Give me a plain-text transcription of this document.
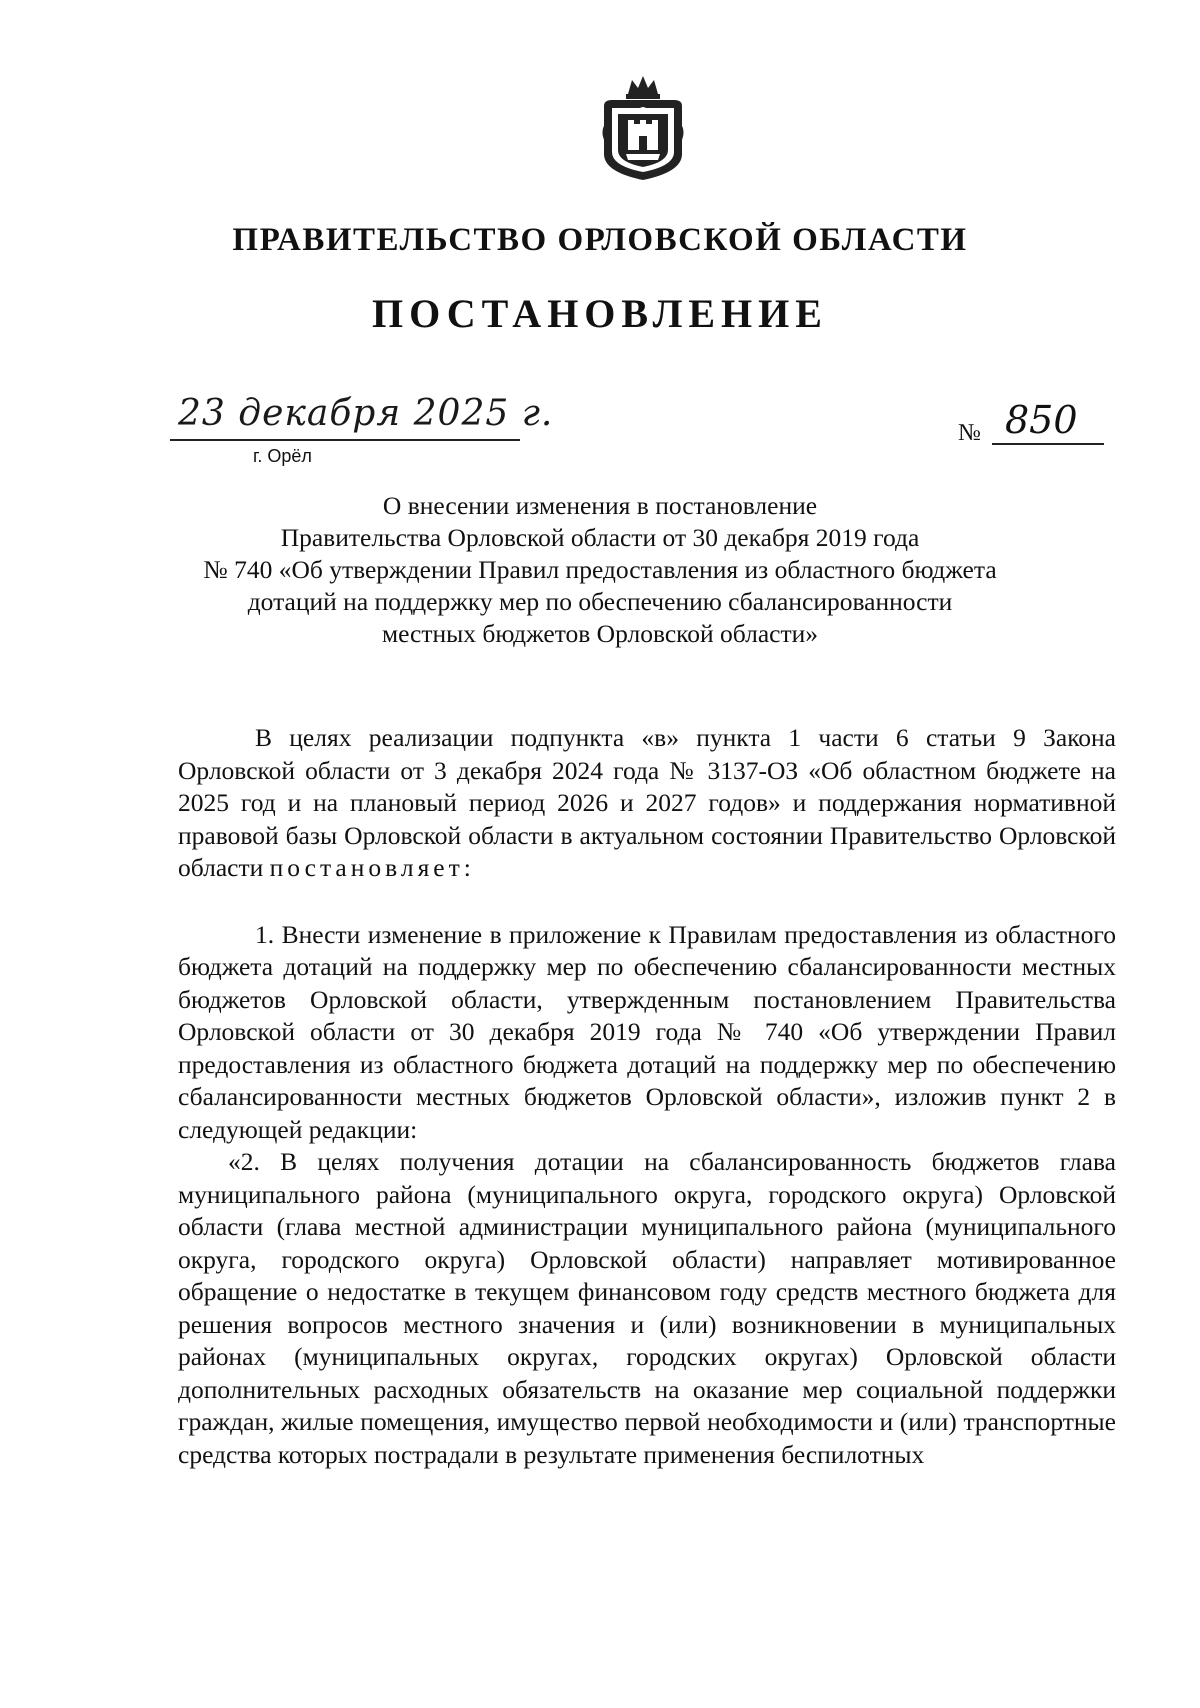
ПРАВИТЕЛЬСТВО ОРЛОВСКОЙ ОБЛАСТИ
ПОСТАНОВЛЕНИЕ
23 декабря 2025 г.
г. Орёл
№ 850
О внесении изменения в постановление
Правительства Орловской области от 30 декабря 2019 года
№ 740 «Об утверждении Правил предоставления из областного бюджета
дотаций на поддержку мер по обеспечению сбалансированности
местных бюджетов Орловской области»

В целях реализации подпункта «в» пункта 1 части 6 статьи 9 Закона Орловской области от 3 декабря 2024 года № 3137-ОЗ «Об областном бюджете на 2025 год и на плановый период 2026 и 2027 годов» и поддержания нормативной правовой базы Орловской области в актуальном состоянии Правительство Орловской области постановляет:

1. Внести изменение в приложение к Правилам предоставления из областного бюджета дотаций на поддержку мер по обеспечению сбалансированности местных бюджетов Орловской области, утвержденным постановлением Правительства Орловской области от 30 декабря 2019 года № 740 «Об утверждении Правил предоставления из областного бюджета дотаций на поддержку мер по обеспечению сбалансированности местных бюджетов Орловской области», изложив пункт 2 в следующей редакции:

«2. В целях получения дотации на сбалансированность бюджетов глава муниципального района (муниципального округа, городского округа) Орловской области (глава местной администрации муниципального района (муниципального округа, городского округа) Орловской области) направляет мотивированное обращение о недостатке в текущем финансовом году средств местного бюджета для решения вопросов местного значения и (или) возникновении в муниципальных районах (муниципальных округах, городских округах) Орловской области дополнительных расходных обязательств на оказание мер социальной поддержки граждан, жилые помещения, имущество первой необходимости и (или) транспортные средства которых пострадали в результате применения беспилотных
